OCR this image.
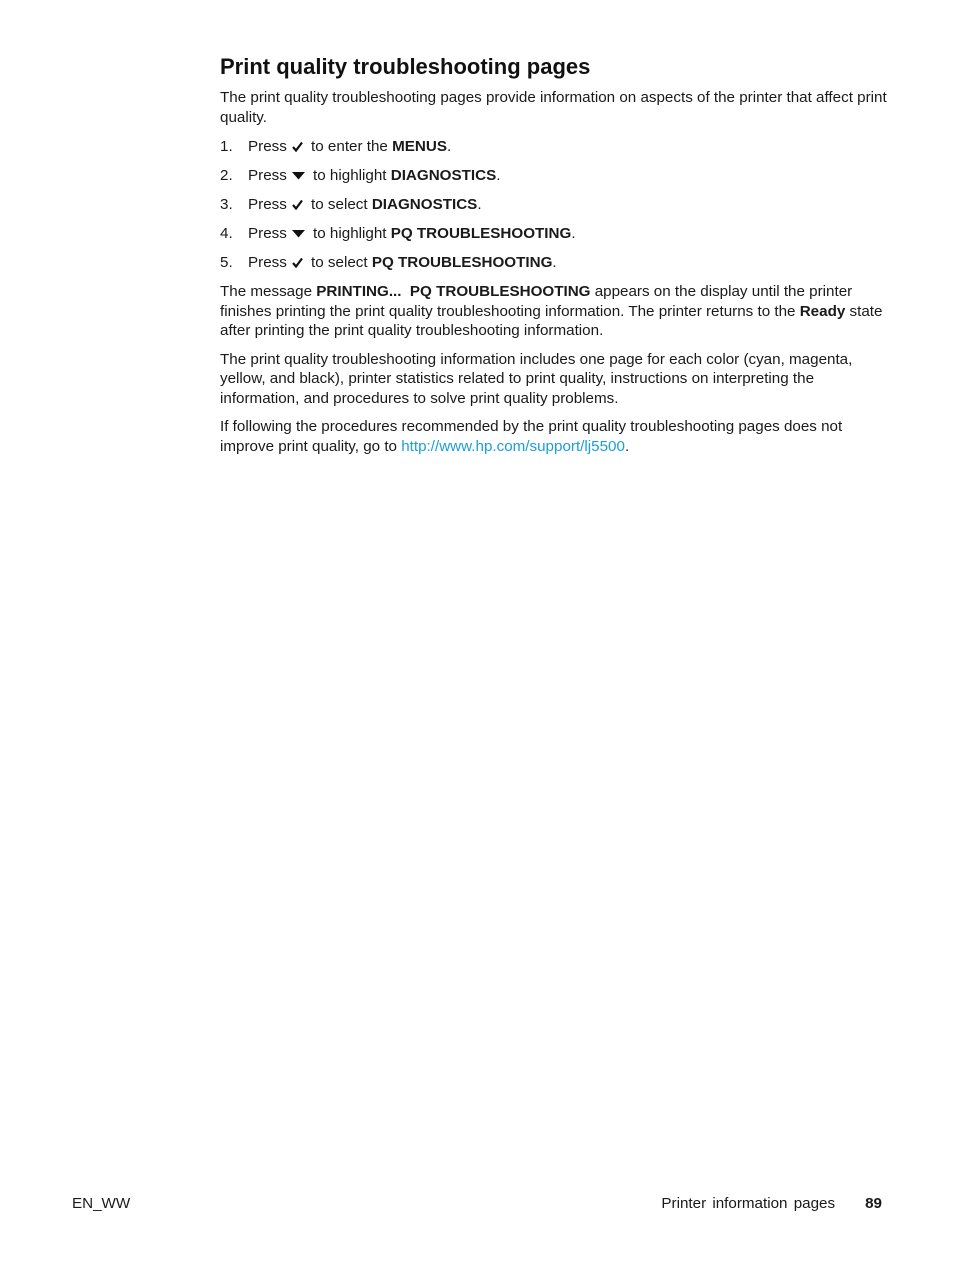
Print quality troubleshooting pages

The print quality troubleshooting pages provide information on aspects of the printer that affect print quality.

1.	Press
to enter the MENUS.
2.	Press
to highlight DIAGNOSTICS.
3.	Press
to select DIAGNOSTICS.
4.	Press
to highlight PQ TROUBLESHOOTING.
5.	Press
to select PQ TROUBLESHOOTING.

The message PRINTING...  PQ TROUBLESHOOTING appears on the display until the printer finishes printing the print quality troubleshooting information. The printer returns to the Ready state after printing the print quality troubleshooting information.

The print quality troubleshooting information includes one page for each color (cyan, magenta, yellow, and black), printer statistics related to print quality, instructions on interpreting the information, and procedures to solve print quality problems.

If following the procedures recommended by the print quality troubleshooting pages does not improve print quality, go to http://www.hp.com/support/lj5500.

EN_WW	Printer information pages 89
